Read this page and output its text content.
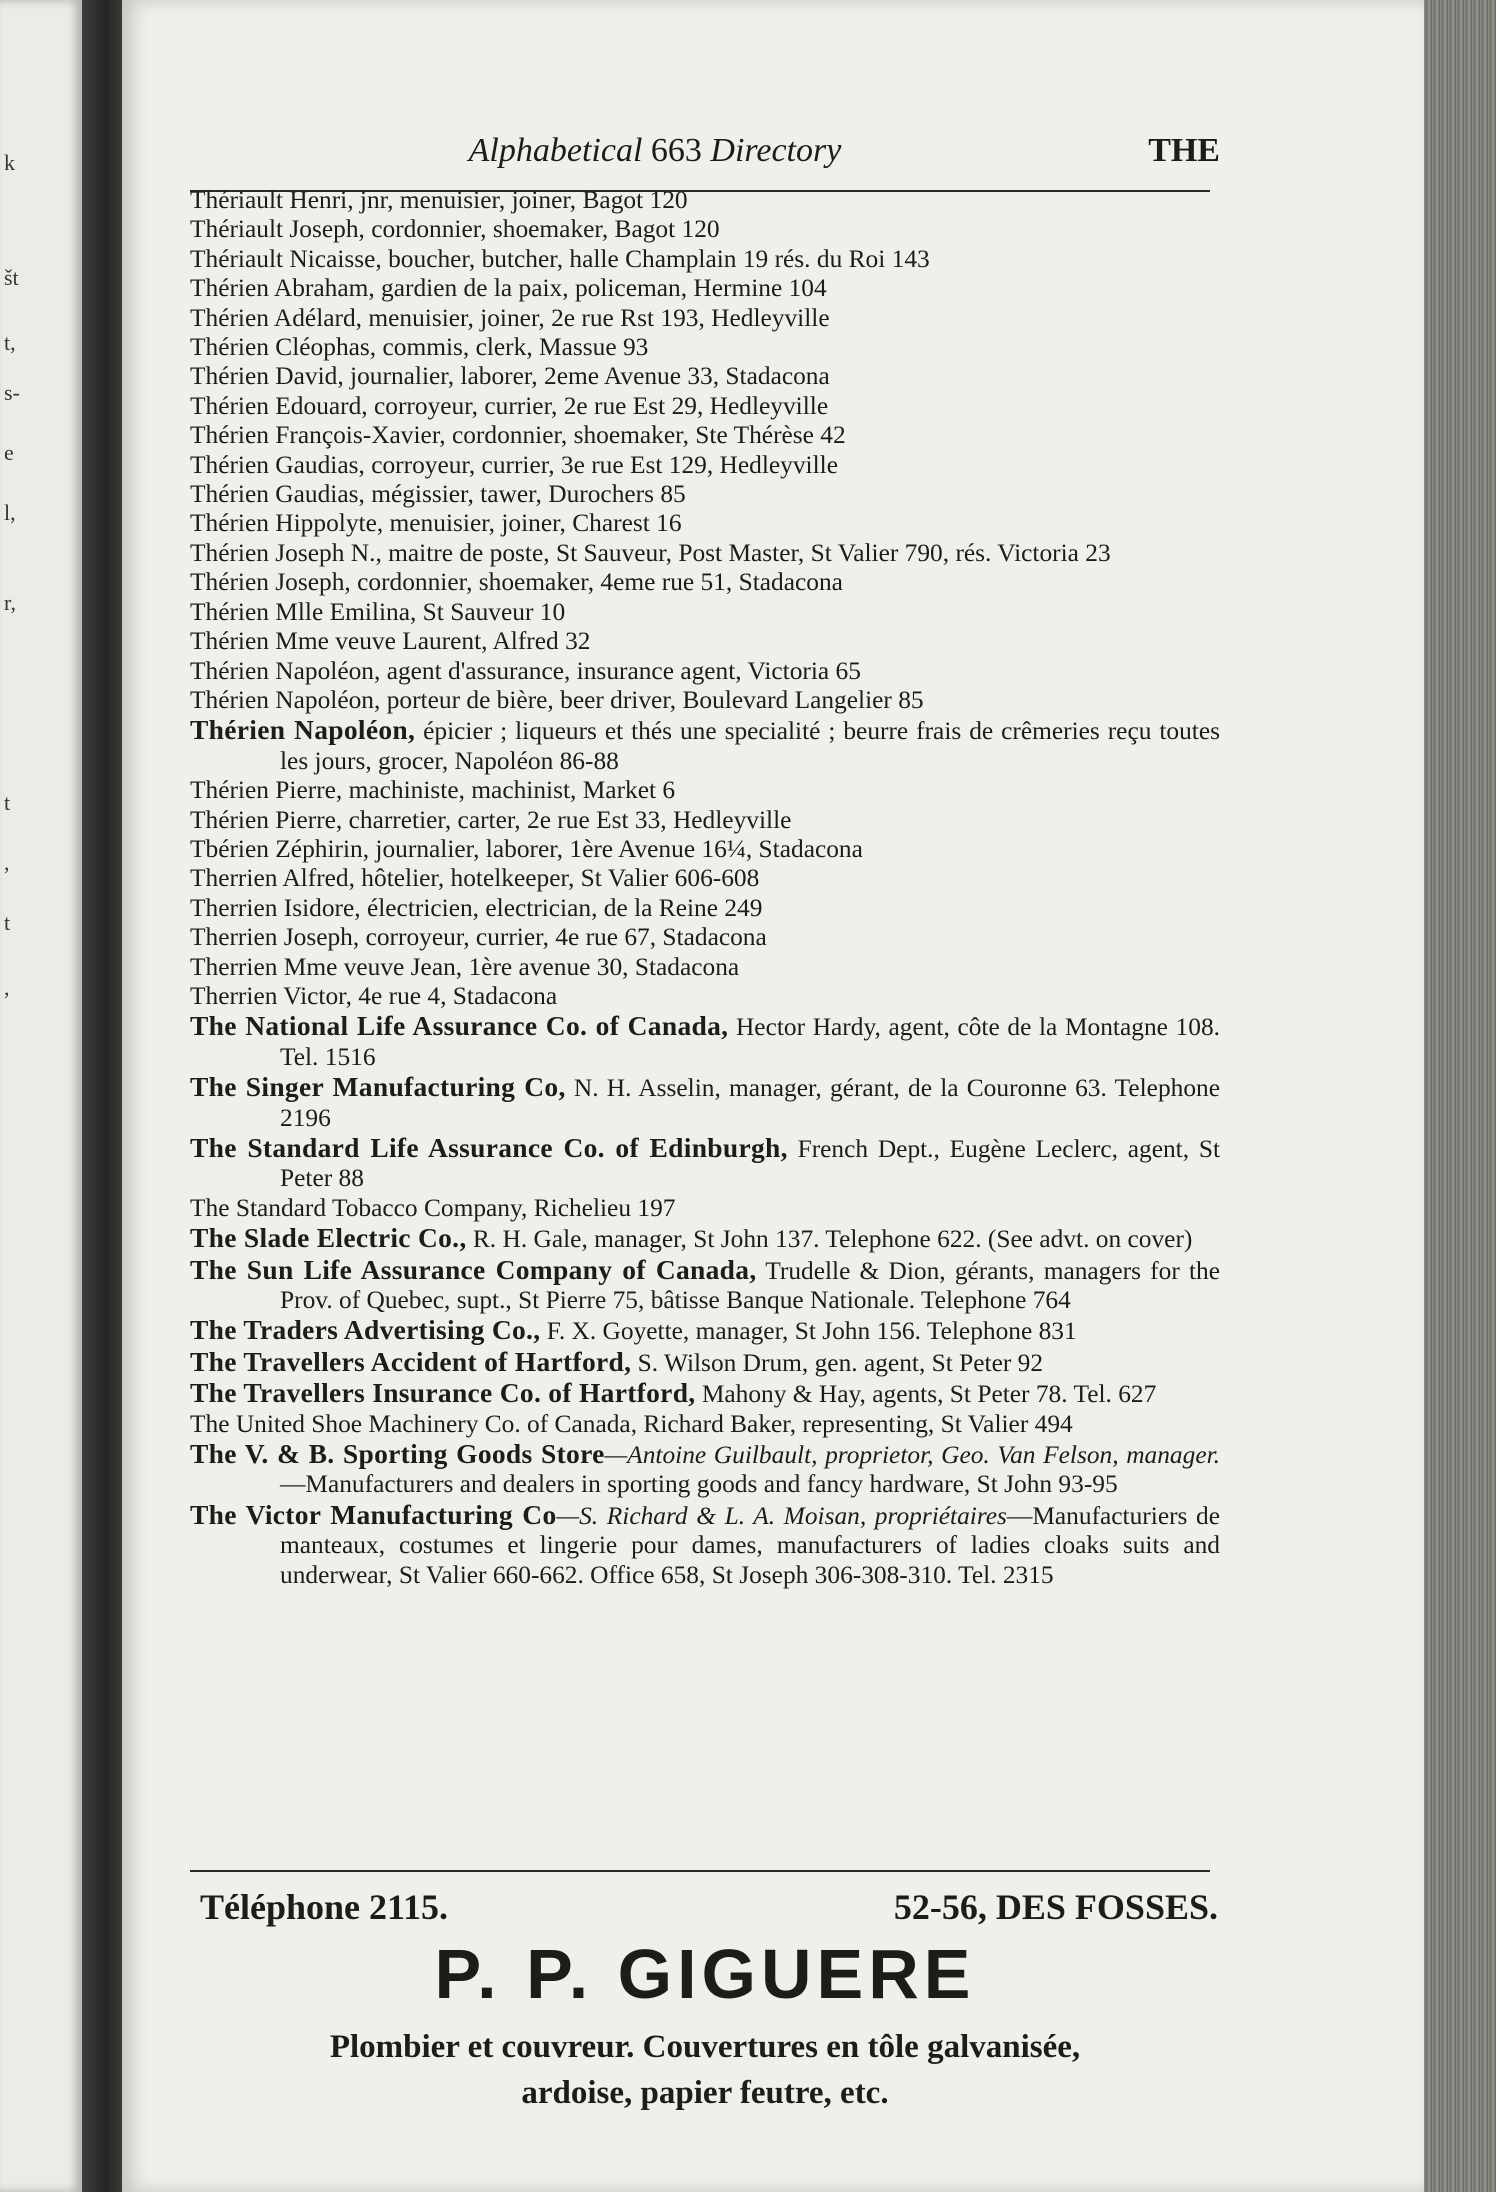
k
št
t,
s-
e
l,
r,
t
,
t
,
Alphabetical 663 Directory	THE

Thériault Henri, jnr, menuisier, joiner, Bagot 120

Thériault Joseph, cordonnier, shoemaker, Bagot 120

Thériault Nicaisse, boucher, butcher, halle Champlain 19 rés. du Roi 143

Thérien Abraham, gardien de la paix, policeman, Hermine 104

Thérien Adélard, menuisier, joiner, 2e rue Rst 193, Hedleyville

Thérien Cléophas, commis, clerk, Massue 93

Thérien David, journalier, laborer, 2eme Avenue 33, Stadacona

Thérien Edouard, corroyeur, currier, 2e rue Est 29, Hedleyville

Thérien François-Xavier, cordonnier, shoemaker, Ste Thérèse 42

Thérien Gaudias, corroyeur, currier, 3e rue Est 129, Hedleyville

Thérien Gaudias, mégissier, tawer, Durochers 85

Thérien Hippolyte, menuisier, joiner, Charest 16

Thérien Joseph N., maitre de poste, St Sauveur, Post Master, St Valier 790, rés. Victoria 23

Thérien Joseph, cordonnier, shoemaker, 4eme rue 51, Stadacona

Thérien Mlle Emilina, St Sauveur 10

Thérien Mme veuve Laurent, Alfred 32

Thérien Napoléon, agent d'assurance, insurance agent, Victoria 65

Thérien Napoléon, porteur de bière, beer driver, Boulevard Langelier 85

Thérien Napoléon, épicier ; liqueurs et thés une specialité ; beurre frais de crêmeries reçu toutes les jours, grocer, Napoléon 86-88

Thérien Pierre, machiniste, machinist, Market 6

Thérien Pierre, charretier, carter, 2e rue Est 33, Hedleyville

Tbérien Zéphirin, journalier, laborer, 1ère Avenue 16¼, Stadacona

Therrien Alfred, hôtelier, hotelkeeper, St Valier 606-608

Therrien Isidore, électricien, electrician, de la Reine 249

Therrien Joseph, corroyeur, currier, 4e rue 67, Stadacona

Therrien Mme veuve Jean, 1ère avenue 30, Stadacona

Therrien Victor, 4e rue 4, Stadacona

The National Life Assurance Co. of Canada, Hector Hardy, agent, côte de la Montagne 108. Tel. 1516

The Singer Manufacturing Co, N. H. Asselin, manager, gérant, de la Couronne 63. Telephone 2196

The Standard Life Assurance Co. of Edinburgh, French Dept., Eugène Leclerc, agent, St Peter 88

The Standard Tobacco Company, Richelieu 197

The Slade Electric Co., R. H. Gale, manager, St John 137. Telephone 622. (See advt. on cover)

The Sun Life Assurance Company of Canada, Trudelle & Dion, gérants, managers for the Prov. of Quebec, supt., St Pierre 75, bâtisse Banque Nationale. Telephone 764

The Traders Advertising Co., F. X. Goyette, manager, St John 156. Telephone 831

The Travellers Accident of Hartford, S. Wilson Drum, gen. agent, St Peter 92

The Travellers Insurance Co. of Hartford, Mahony & Hay, agents, St Peter 78. Tel. 627

The United Shoe Machinery Co. of Canada, Richard Baker, representing, St Valier 494

The V. & B. Sporting Goods Store—Antoine Guilbault, proprietor, Geo. Van Felson, manager.—Manufacturers and dealers in sporting goods and fancy hardware, St John 93-95

The Victor Manufacturing Co—S. Richard & L. A. Moisan, propriétaires—Manufacturiers de manteaux, costumes et lingerie pour dames, manufacturers of ladies cloaks suits and underwear, St Valier 660-662. Office 658, St Joseph 306-308-310. Tel. 2315

Téléphone 2115.	52-56, DES FOSSES.
P. P. GIGUERE
Plombier et couvreur. Couvertures en tôle galvanisée,
ardoise, papier feutre, etc.
